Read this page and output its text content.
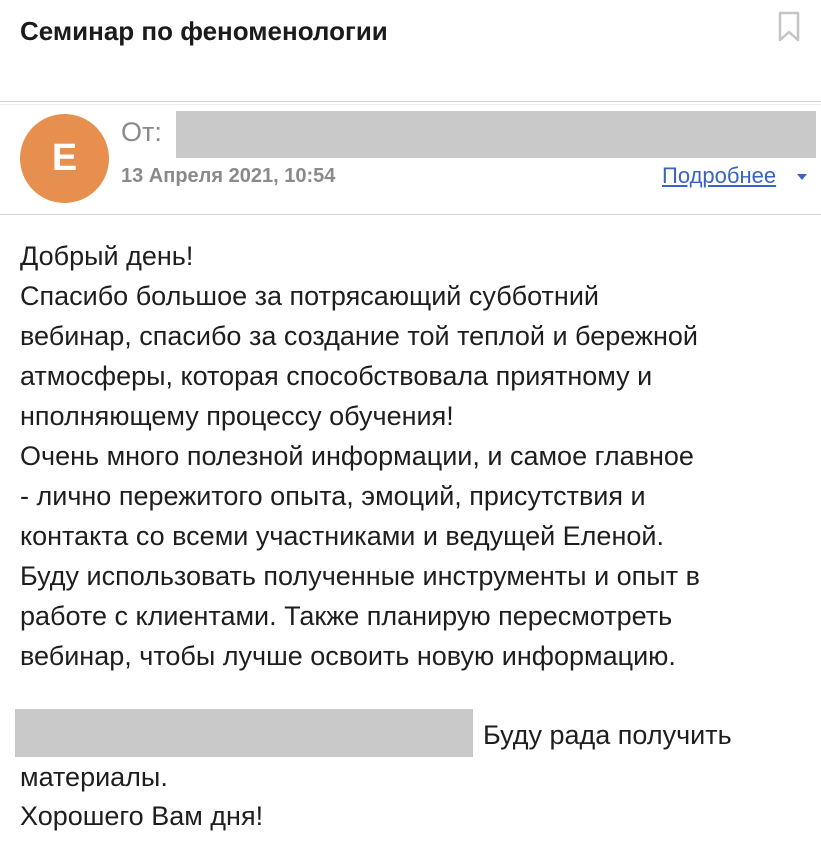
Семинар по феноменологии
E
От:
13 Апреля 2021, 10:54	Подробнее
Добрый день!
Спасибо большое за потрясающий субботний
вебинар, спасибо за создание той теплой и бережной
атмосферы, которая способствовала приятному и
нполняющему процессу обучения!
Очень много полезной информации, и самое главное
- лично пережитого опыта, эмоций, присутствия и
контакта со всеми участниками и ведущей Еленой.
Буду использовать полученные инструменты и опыт в
работе с клиентами. Также планирую пересмотреть
вебинар, чтобы лучше освоить новую информацию.
Буду рада получить
материалы.
Хорошего Вам дня!
